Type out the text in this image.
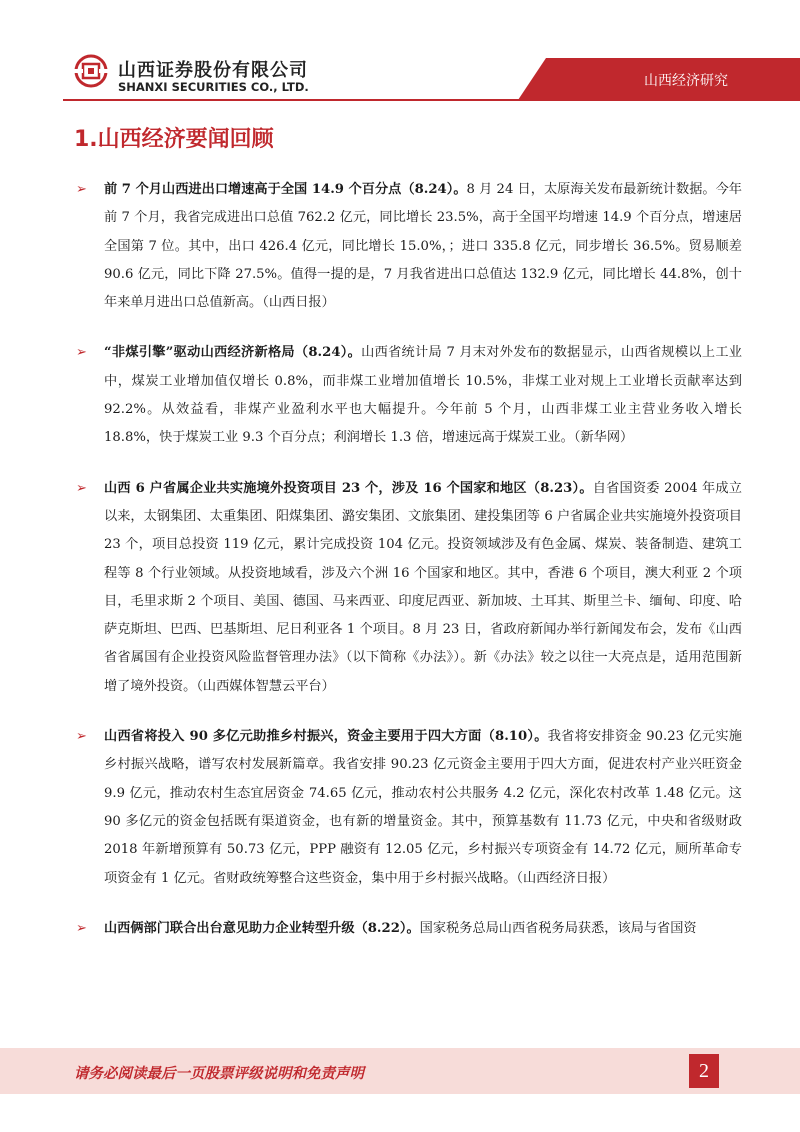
山西证券股份有限公司
SHANXI SECURITIES CO., LTD.	山西经济研究
1.山西经济要闻回顾
➢ 前 7 个月山西进出口增速高于全国 14.9 个百分点（8.24）。8 月 24 日，太原海关发布最新统计数据。今年前 7 个月，我省完成进出口总值 762.2 亿元，同比增长 23.5%，高于全国平均增速 14.9 个百分点，增速居全国第 7 位。其中，出口 426.4 亿元，同比增长 15.0%，；进口 335.8 亿元，同步增长 36.5%。贸易顺差 90.6 亿元，同比下降 27.5%。值得一提的是，7 月我省进出口总值达 132.9 亿元，同比增长 44.8%，创十年来单月进出口总值新高。（山西日报）
➢ “非煤引擎”驱动山西经济新格局（8.24）。山西省统计局 7 月末对外发布的数据显示，山西省规模以上工业中，煤炭工业增加值仅增长 0.8%，而非煤工业增加值增长 10.5%，非煤工业对规上工业增长贡献率达到 92.2%。从效益看，非煤产业盈利水平也大幅提升。今年前 5 个月，山西非煤工业主营业务收入增长 18.8%，快于煤炭工业 9.3 个百分点；利润增长 1.3 倍，增速远高于煤炭工业。（新华网）
➢ 山西 6 户省属企业共实施境外投资项目 23 个，涉及 16 个国家和地区（8.23）。自省国资委 2004 年成立以来，太钢集团、太重集团、阳煤集团、潞安集团、文旅集团、建投集团等 6 户省属企业共实施境外投资项目 23 个，项目总投资 119 亿元，累计完成投资 104 亿元。投资领域涉及有色金属、煤炭、装备制造、建筑工程等 8 个行业领域。从投资地域看，涉及六个洲 16 个国家和地区。其中，香港 6 个项目，澳大利亚 2 个项目，毛里求斯 2 个项目、美国、德国、马来西亚、印度尼西亚、新加坡、土耳其、斯里兰卡、缅甸、印度、哈萨克斯坦、巴西、巴基斯坦、尼日利亚各 1 个项目。8 月 23 日，省政府新闻办举行新闻发布会，发布《山西省省属国有企业投资风险监督管理办法》（以下简称《办法》）。新《办法》较之以往一大亮点是，适用范围新增了境外投资。（山西媒体智慧云平台）
➢ 山西省将投入 90 多亿元助推乡村振兴，资金主要用于四大方面（8.10）。我省将安排资金 90.23 亿元实施乡村振兴战略，谱写农村发展新篇章。我省安排 90.23 亿元资金主要用于四大方面，促进农村产业兴旺资金 9.9 亿元，推动农村生态宜居资金 74.65 亿元，推动农村公共服务 4.2 亿元，深化农村改革 1.48 亿元。这 90 多亿元的资金包括既有渠道资金，也有新的增量资金。其中，预算基数有 11.73 亿元，中央和省级财政 2018 年新增预算有 50.73 亿元，PPP 融资有 12.05 亿元，乡村振兴专项资金有 14.72 亿元，厕所革命专项资金有 1 亿元。省财政统筹整合这些资金，集中用于乡村振兴战略。（山西经济日报）
➢ 山西俩部门联合出台意见助力企业转型升级（8.22）。国家税务总局山西省税务局获悉，该局与省国资
请务必阅读最后一页股票评级说明和免责声明	2
